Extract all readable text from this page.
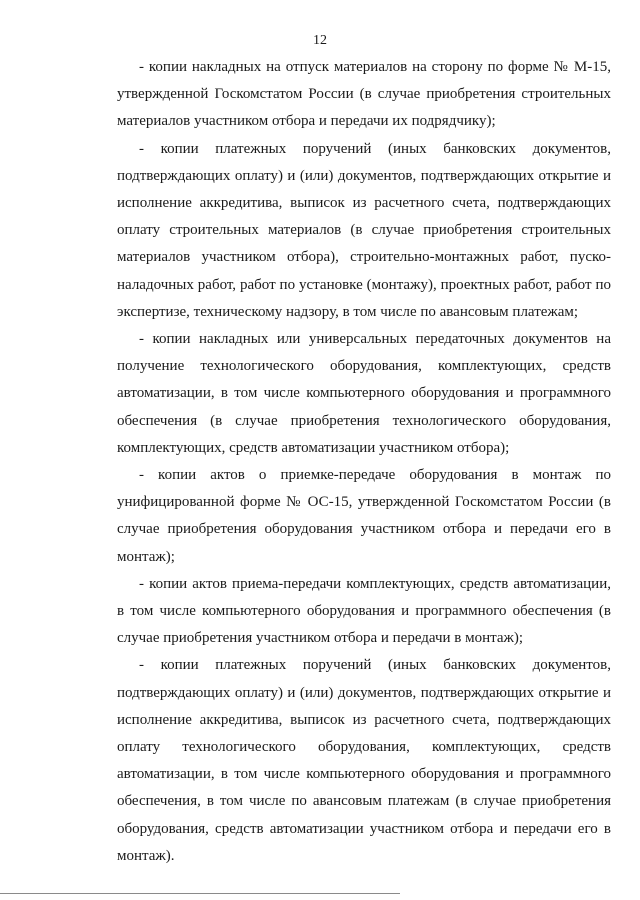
12

- копии накладных на отпуск материалов на сторону по форме № М-15, утвержденной Госкомстатом России (в случае приобретения строительных материалов участником отбора и передачи их подрядчику);

- копии платежных поручений (иных банковских документов, подтверждающих оплату) и (или) документов, подтверждающих открытие и исполнение аккредитива, выписок из расчетного счета, подтверждающих оплату строительных материалов (в случае приобретения строительных материалов участником отбора), строительно-монтажных работ, пуско-наладочных работ, работ по установке (монтажу), проектных работ, работ по экспертизе, техническому надзору, в том числе по авансовым платежам;

- копии накладных или универсальных передаточных документов на получение технологического оборудования, комплектующих, средств автоматизации, в том числе компьютерного оборудования и программного обеспечения (в случае приобретения технологического оборудования, комплектующих, средств автоматизации участником отбора);

- копии актов о приемке-передаче оборудования в монтаж по унифицированной форме № ОС-15, утвержденной Госкомстатом России (в случае приобретения оборудования участником отбора и передачи его в монтаж);

- копии актов приема-передачи комплектующих, средств автоматизации, в том числе компьютерного оборудования и программного обеспечения (в случае приобретения участником отбора и передачи в монтаж);

- копии платежных поручений (иных банковских документов, подтверждающих оплату) и (или) документов, подтверждающих открытие и исполнение аккредитива, выписок из расчетного счета, подтверждающих оплату технологического оборудования, комплектующих, средств автоматизации, в том числе компьютерного оборудования и программного обеспечения, в том числе по авансовым платежам (в случае приобретения оборудования, средств автоматизации участником отбора и передачи его в монтаж).
